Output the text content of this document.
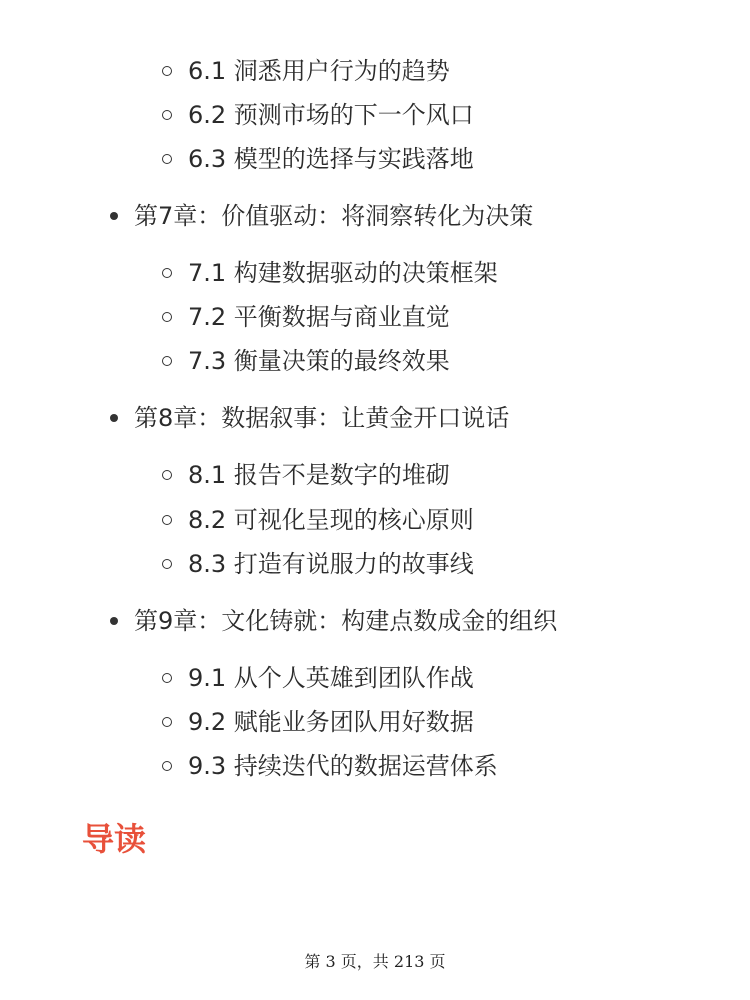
6.1 洞悉用户行为的趋势
6.2 预测市场的下一个风口
6.3 模型的选择与实践落地
第7章：价值驱动：将洞察转化为决策
7.1 构建数据驱动的决策框架
7.2 平衡数据与商业直觉
7.3 衡量决策的最终效果
第8章：数据叙事：让黄金开口说话
8.1 报告不是数字的堆砌
8.2 可视化呈现的核心原则
8.3 打造有说服力的故事线
第9章：文化铸就：构建点数成金的组织
9.1 从个人英雄到团队作战
9.2 赋能业务团队用好数据
9.3 持续迭代的数据运营体系
导读
第 3 页，共 213 页
